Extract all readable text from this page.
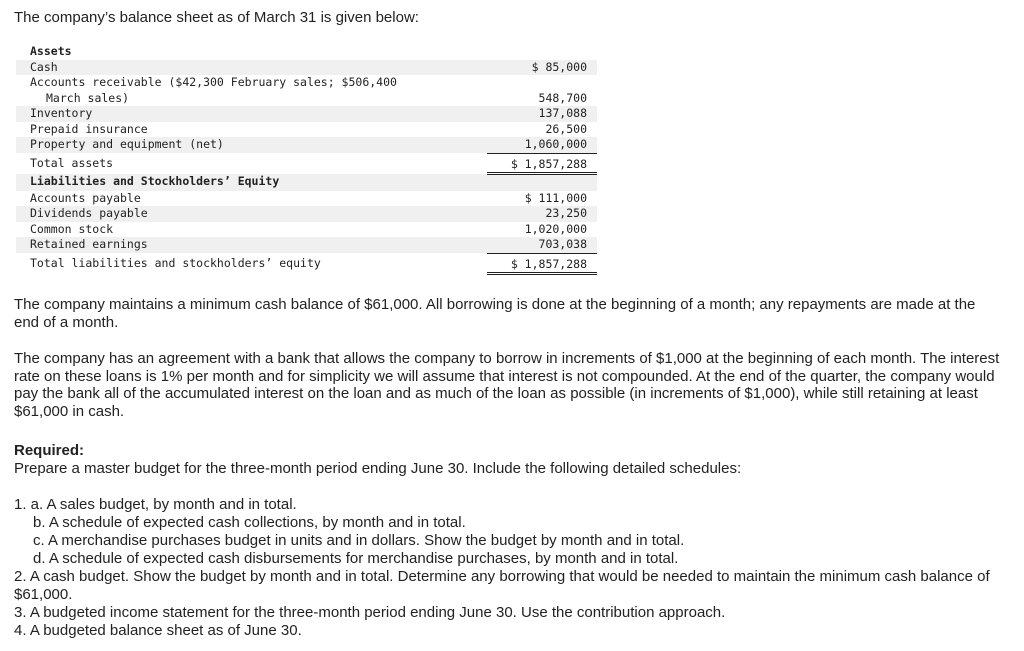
The company’s balance sheet as of March 31 is given below:

Assets	
Cash	$ 85,000
Accounts receivable ($42,300 February sales; $506,400	
March sales)	548,700
Inventory	137,088
Prepaid insurance	26,500
Property and equipment (net)	1,060,000
Total assets	$ 1,857,288
Liabilities and Stockholders’ Equity	
Accounts payable	$ 111,000
Dividends payable	23,250
Common stock	1,020,000
Retained earnings	703,038
Total liabilities and stockholders’ equity	$ 1,857,288

The company maintains a minimum cash balance of $61,000. All borrowing is done at the beginning of a month; any repayments are made at the end of a month.

The company has an agreement with a bank that allows the company to borrow in increments of $1,000 at the beginning of each month. The interest rate on these loans is 1% per month and for simplicity we will assume that interest is not compounded. At the end of the quarter, the company would pay the bank all of the accumulated interest on the loan and as much of the loan as possible (in increments of $1,000), while still retaining at least $61,000 in cash.

Required:

Prepare a master budget for the three-month period ending June 30. Include the following detailed schedules:

1. a. A sales budget, by month and in total.

b. A schedule of expected cash collections, by month and in total.

c. A merchandise purchases budget in units and in dollars. Show the budget by month and in total.

d. A schedule of expected cash disbursements for merchandise purchases, by month and in total.

2. A cash budget. Show the budget by month and in total. Determine any borrowing that would be needed to maintain the minimum cash balance of $61,000.

3. A budgeted income statement for the three-month period ending June 30. Use the contribution approach.

4. A budgeted balance sheet as of June 30.
